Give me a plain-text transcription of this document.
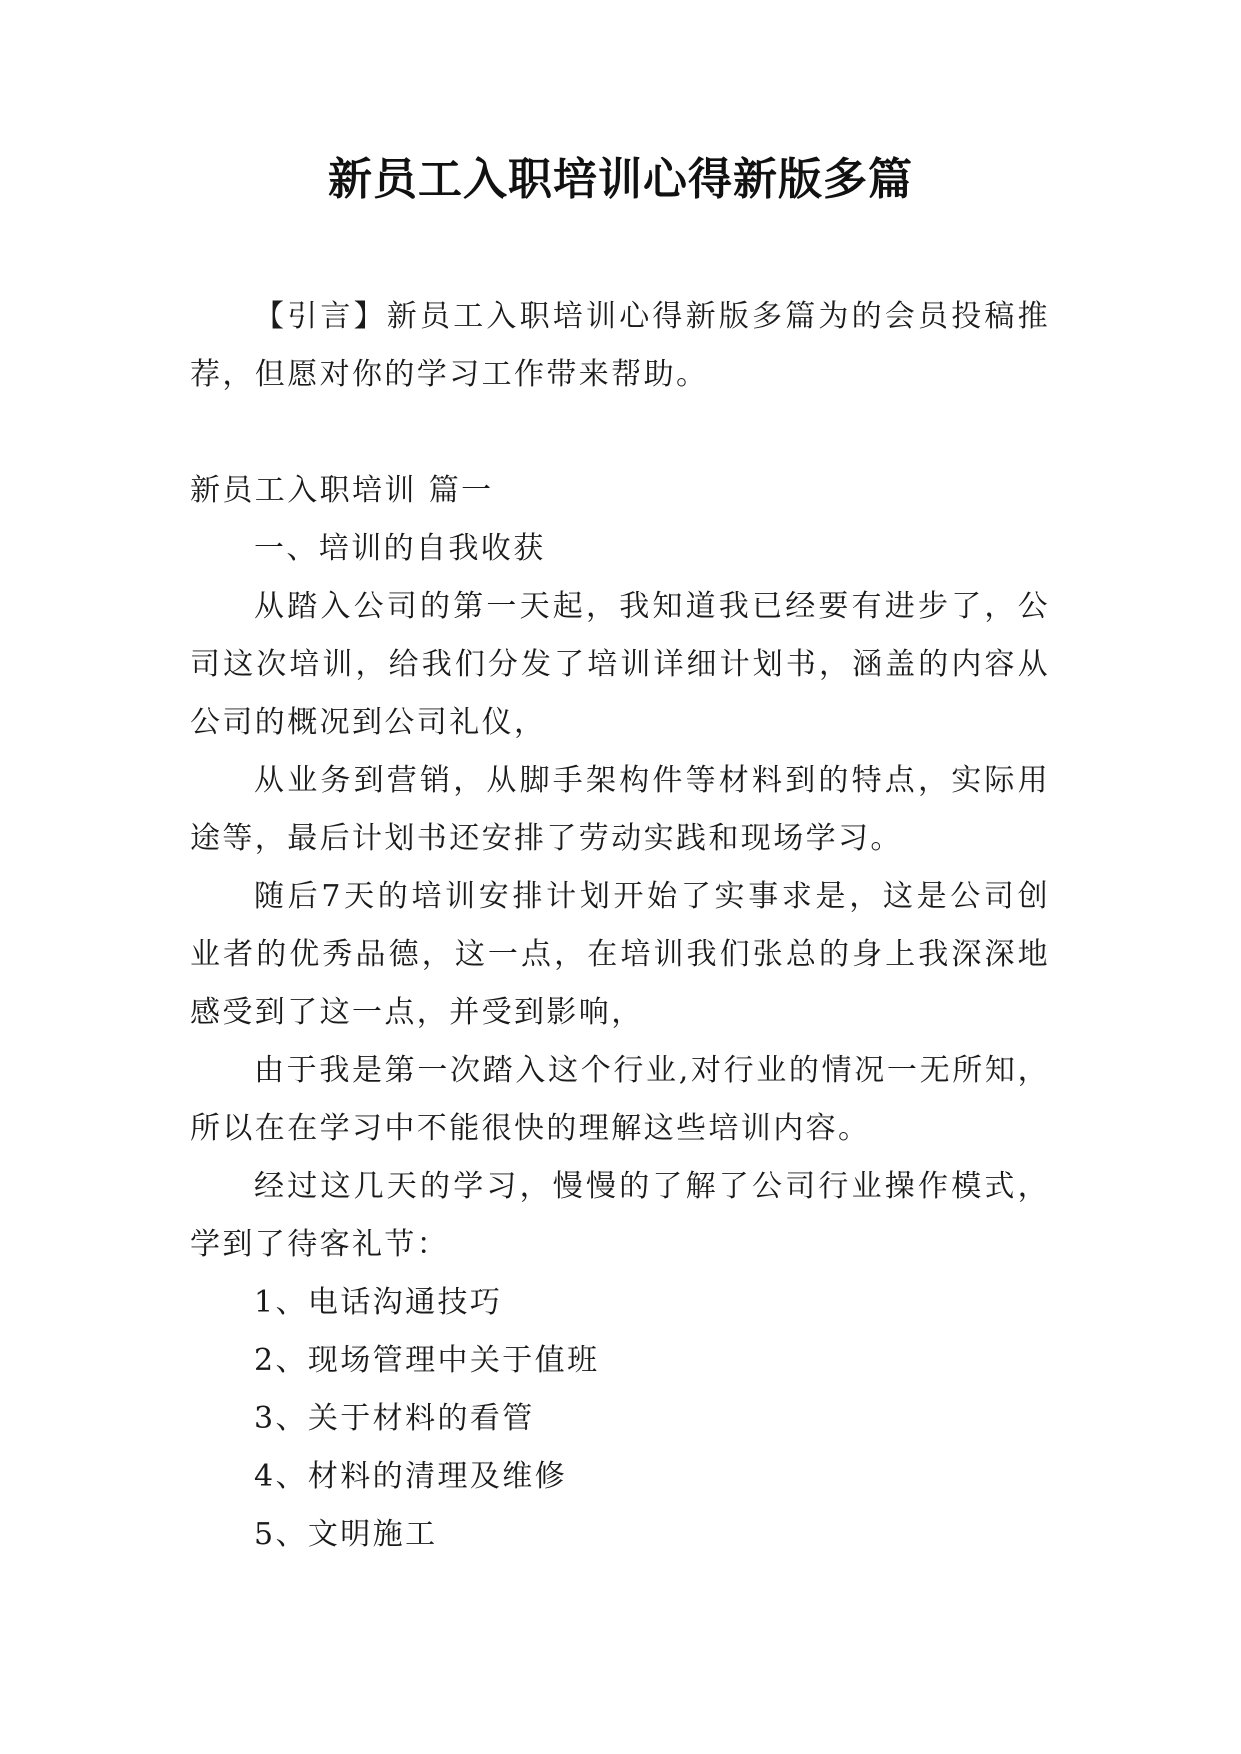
新员工入职培训心得新版多篇

【引言】新员工入职培训心得新版多篇为的会员投稿推荐，但愿对你的学习工作带来帮助。

新员工入职培训 篇一

一、培训的自我收获

从踏入公司的第一天起，我知道我已经要有进步了，公司这次培训，给我们分发了培训详细计划书，涵盖的内容从公司的概况到公司礼仪，

从业务到营销，从脚手架构件等材料到的特点，实际用途等，最后计划书还安排了劳动实践和现场学习。

随后7天的培训安排计划开始了实事求是，这是公司创业者的优秀品德，这一点，在培训我们张总的身上我深深地感受到了这一点，并受到影响，

由于我是第一次踏入这个行业,对行业的情况一无所知，所以在在学习中不能很快的理解这些培训内容。

经过这几天的学习，慢慢的了解了公司行业操作模式，学到了待客礼节：

1、电话沟通技巧

2、现场管理中关于值班

3、关于材料的看管

4、材料的清理及维修

5、文明施工
